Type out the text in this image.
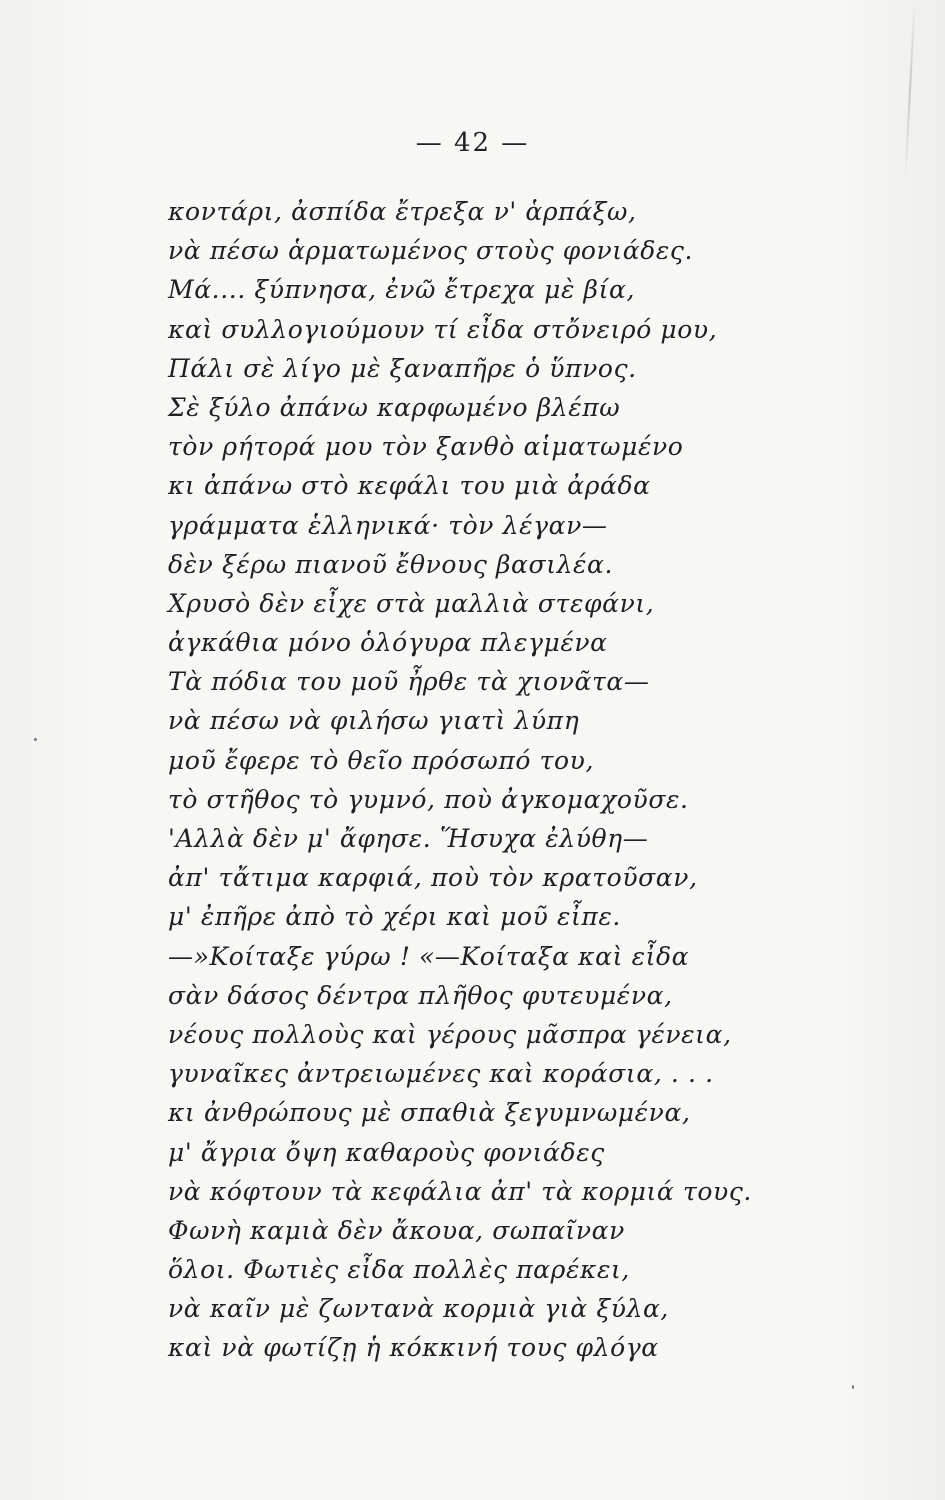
— 42 —
κοντάρι, ἀσπίδα ἔτρεξα ν' ἁρπάξω,
νὰ πέσω ἁρματωμένος στοὺς φονιάδες.
Μά.... ξύπνησα, ἐνῶ ἔτρεχα μὲ βία,
καὶ συλλογιούμουν τί εἶδα στὄνειρό μου,
Πάλι σὲ λίγο μὲ ξαναπῆρε ὁ ὕπνος.
Σὲ ξύλο ἀπάνω καρφωμένο βλέπω
τὸν ρήτορά μου τὸν ξανθὸ αἱματωμένο
κι ἀπάνω στὸ κεφάλι του μιὰ ἀράδα
γράμματα ἑλληνικά· τὸν λέγαν—
δὲν ξέρω πιανοῦ ἔθνους βασιλέα.
Χρυσὸ δὲν εἶχε στὰ μαλλιὰ στεφάνι,
ἀγκάθια μόνο ὁλόγυρα πλεγμένα
Τὰ πόδια του μοῦ ἦρθε τὰ χιονᾶτα—
νὰ πέσω νὰ φιλήσω γιατὶ λύπη
μοῦ ἔφερε τὸ θεῖο πρόσωπό του,
τὸ στῆθος τὸ γυμνό, ποὺ ἀγκομαχοῦσε.
'Αλλὰ δὲν μ' ἄφησε. Ἥσυχα ἐλύθη—
ἀπ' τἄτιμα καρφιά, ποὺ τὸν κρατοῦσαν,
μ' ἐπῆρε ἀπὸ τὸ χέρι καὶ μοῦ εἶπε.
—»Κοίταξε γύρω ! «—Κοίταξα καὶ εἶδα
σὰν δάσος δέντρα πλῆθος φυτευμένα,
νέους πολλοὺς καὶ γέρους μᾶσπρα γένεια,
γυναῖκες ἀντρειωμένες καὶ κοράσια, . . .
κι ἀνθρώπους μὲ σπαθιὰ ξεγυμνωμένα,
μ' ἄγρια ὄψη καθαροὺς φονιάδες
νὰ κόφτουν τὰ κεφάλια ἀπ' τὰ κορμιά τους.
Φωνὴ καμιὰ δὲν ἄκουα, σωπαῖναν
ὅλοι. Φωτιὲς εἶδα πολλὲς παρέκει,
νὰ καῖν μὲ ζωντανὰ κορμιὰ γιὰ ξύλα,
καὶ νὰ φωτίζῃ ἡ κόκκινή τους φλόγα
